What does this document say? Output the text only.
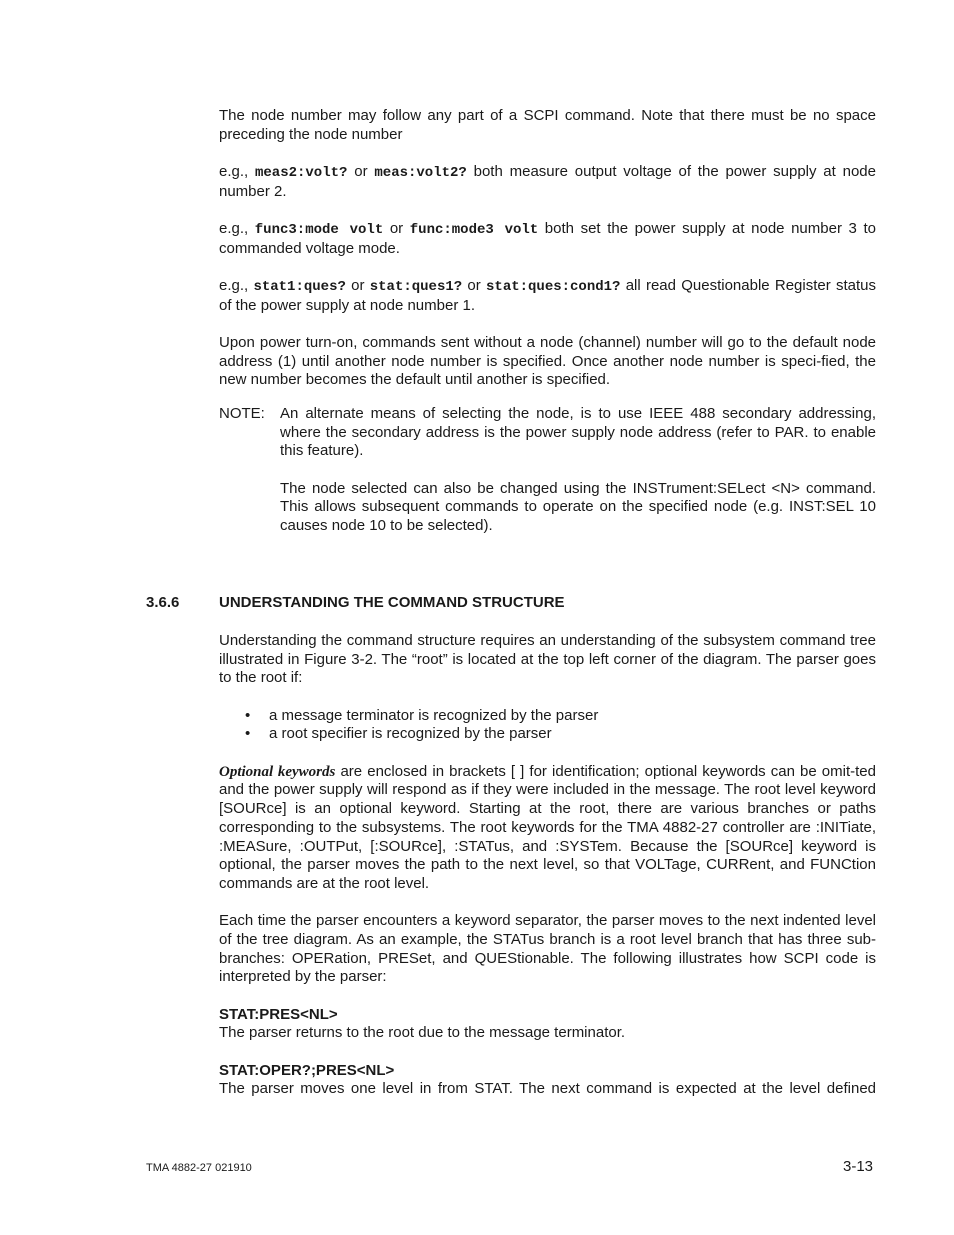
The node number may follow any part of a SCPI command. Note that there must be no space preceding the node number

e.g., meas2:volt? or meas:volt2? both measure output voltage of the power supply at node number 2.

e.g., func3:mode volt or func:mode3 volt both set the power supply at node number 3 to commanded voltage mode.

e.g., stat1:ques? or stat:ques1? or stat:ques:cond1? all read Questionable Register status of the power supply at node number 1.

Upon power turn-on, commands sent without a node (channel) number will go to the default node address (1) until another node number is specified. Once another node number is speci-fied, the new number becomes the default until another is specified.

NOTE:	An alternate means of selecting the node, is to use IEEE 488 secondary addressing, where the secondary address is the power supply node address (refer to PAR. to enable this feature).

The node selected can also be changed using the INSTrument:SELect <N> command. This allows subsequent commands to operate on the specified node (e.g. INST:SEL 10 causes node 10 to be selected).

3.6.6	UNDERSTANDING THE COMMAND STRUCTURE

Understanding the command structure requires an understanding of the subsystem command tree illustrated in Figure 3-2. The “root” is located at the top left corner of the diagram. The parser goes to the root if:

•	a message terminator is recognized by the parser
•	a root specifier is recognized by the parser

Optional keywords are enclosed in brackets [ ] for identification; optional keywords can be omit-ted and the power supply will respond as if they were included in the message. The root level keyword [SOURce] is an optional keyword. Starting at the root, there are various branches or paths corresponding to the subsystems. The root keywords for the TMA 4882-27 controller are :INITiate, :MEASure, :OUTPut, [:SOURce], :STATus, and :SYSTem. Because the [SOURce] keyword is optional, the parser moves the path to the next level, so that VOLTage, CURRent, and FUNCtion commands are at the root level.

Each time the parser encounters a keyword separator, the parser moves to the next indented level of the tree diagram. As an example, the STATus branch is a root level branch that has three sub-branches: OPERation, PRESet, and QUEStionable. The following illustrates how SCPI code is interpreted by the parser:

STAT:PRES<NL>

The parser returns to the root due to the message terminator.

STAT:OPER?;PRES<NL>

The parser moves one level in from STAT. The next command is expected at the level defined

TMA 4882-27 021910	3-13
